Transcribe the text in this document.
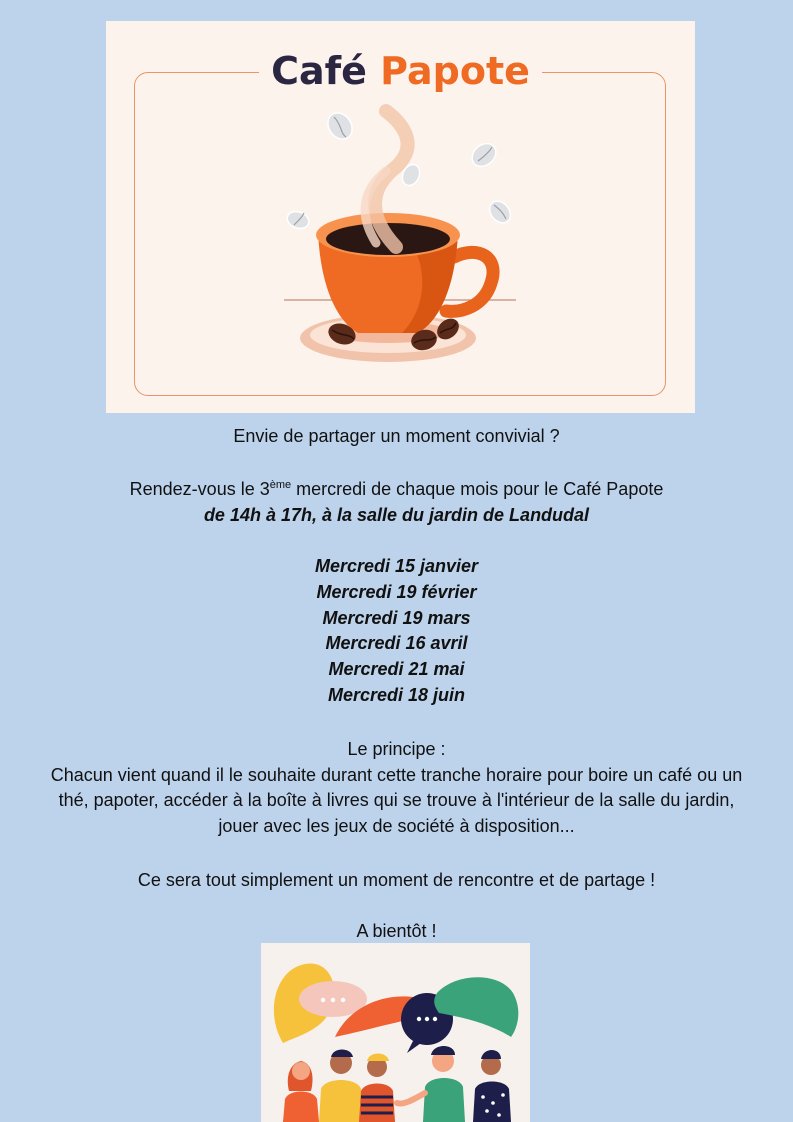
Café Papote
Envie de partager un moment convivial ?
Rendez-vous le 3ème mercredi de chaque mois pour le Café Papote
de 14h à 17h, à la salle du jardin de Landudal
Mercredi 15 janvier
Mercredi 19 février
Mercredi 19 mars
Mercredi 16 avril
Mercredi 21 mai
Mercredi 18 juin
Le principe :
Chacun vient quand il le souhaite durant cette tranche horaire pour boire un café ou un thé, papoter, accéder à la boîte à livres qui se trouve à l'intérieur de la salle du jardin, jouer avec les jeux de société à disposition...
Ce sera tout simplement un moment de rencontre et de partage !
A bientôt !
